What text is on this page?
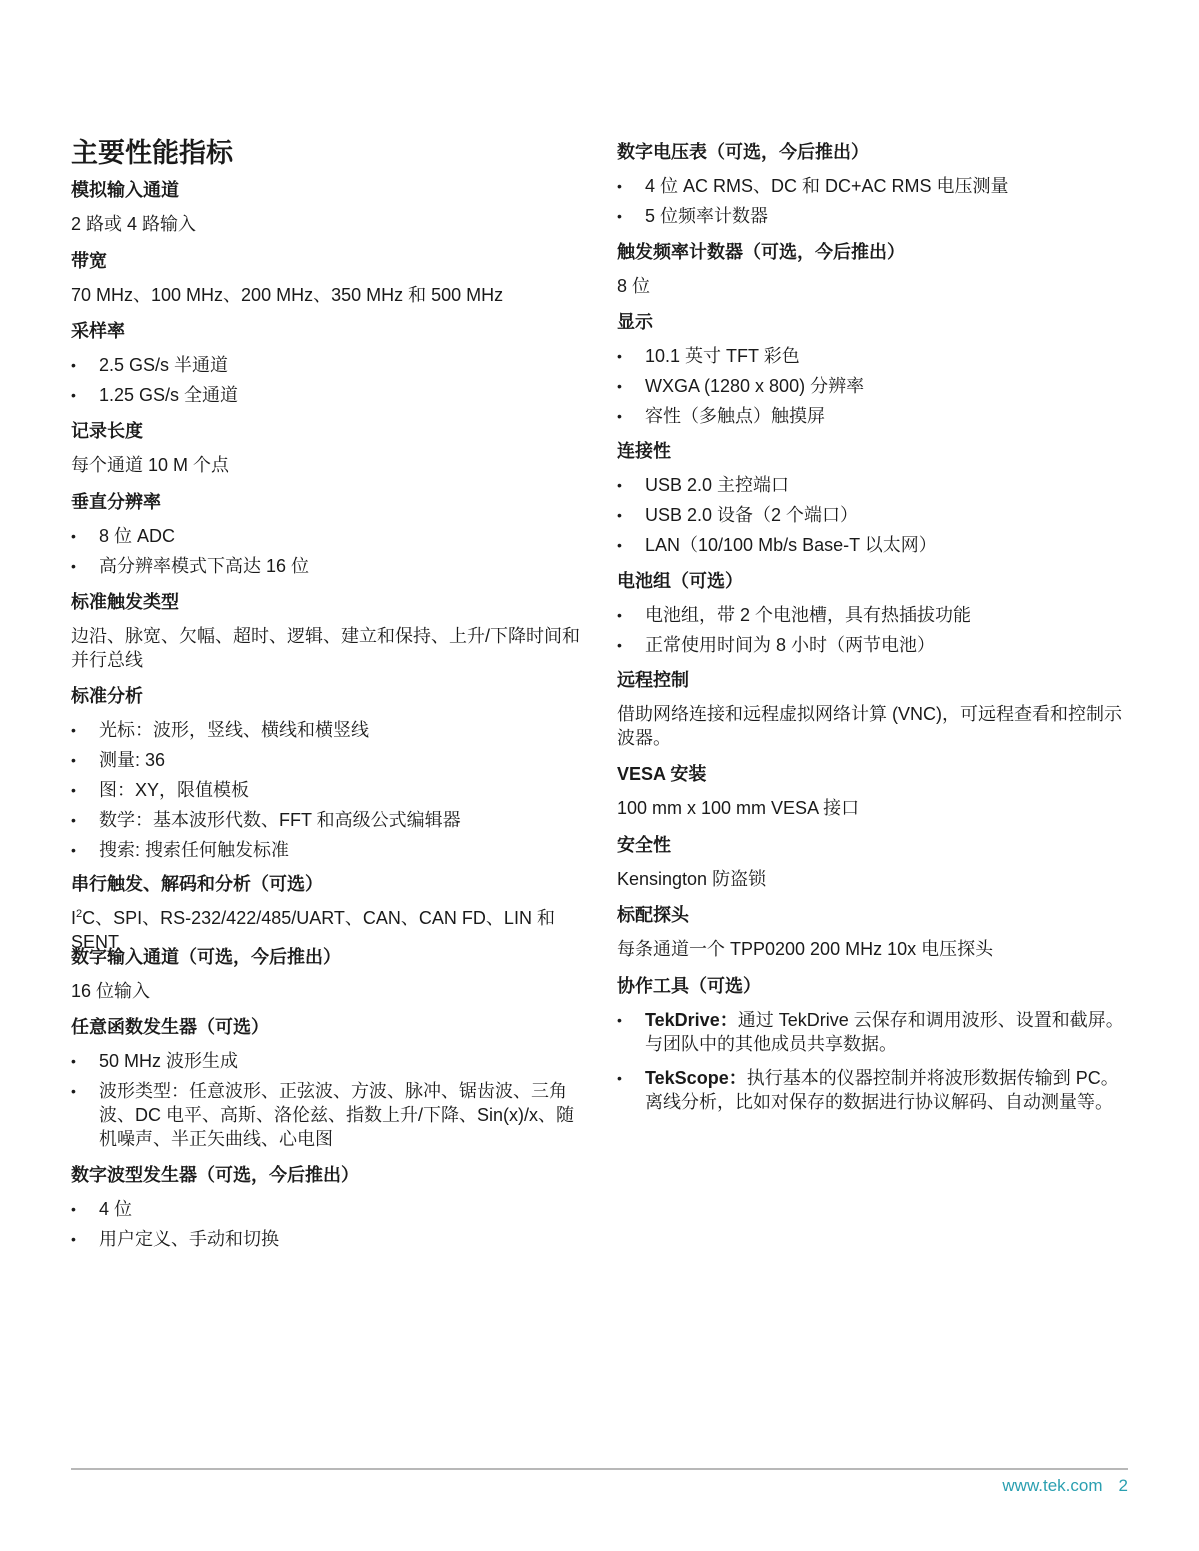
主要性能指标
模拟输入通道
2 路或 4 路输入
带宽
70 MHz、100 MHz、200 MHz、350 MHz 和 500 MHz
采样率
• 2.5 GS/s 半通道
• 1.25 GS/s 全通道
记录长度
每个通道 10 M 个点
垂直分辨率
• 8 位 ADC
• 高分辨率模式下高达 16 位
标准触发类型
边沿、脉宽、欠幅、超时、逻辑、建立和保持、上升/下降时间和并行总线
标准分析
• 光标：波形，竖线、横线和横竖线
• 测量: 36
• 图：XY，限值模板
• 数学：基本波形代数、FFT 和高级公式编辑器
• 搜索: 搜索任何触发标准
串行触发、解码和分析（可选）
$I^2C$、SPI、RS-232/422/485/UART、CAN、CAN FD、LIN 和 SENT
数字输入通道（可选，今后推出）
16 位输入
任意函数发生器（可选）
• 50 MHz 波形生成
• 波形类型：任意波形、正弦波、方波、脉冲、锯齿波、三角波、DC 电平、高斯、洛伦兹、指数上升/下降、Sin(x)/x、随机噪声、半正矢曲线、心电图
数字波型发生器（可选，今后推出）
• 4 位
• 用户定义、手动和切换
数字电压表（可选，今后推出）
• 4 位 AC RMS、DC 和 DC+AC RMS 电压测量
• 5 位频率计数器
触发频率计数器（可选，今后推出）
8 位
显示
• 10.1 英寸 TFT 彩色
• WXGA (1280 x 800) 分辨率
• 容性（多触点）触摸屏
连接性
• USB 2.0 主控端口
• USB 2.0 设备（2 个端口）
• LAN（10/100 Mb/s Base-T 以太网）
电池组（可选）
• 电池组，带 2 个电池槽，具有热插拔功能
• 正常使用时间为 8 小时（两节电池）
远程控制
借助网络连接和远程虚拟网络计算 (VNC)，可远程查看和控制示波器。
VESA 安装
100 mm x 100 mm VESA 接口
安全性
Kensington 防盗锁
标配探头
每条通道一个 TPP0200 200 MHz 10x 电压探头
协作工具（可选）
• TekDrive：通过 TekDrive 云保存和调用波形、设置和截屏。与团队中的其他成员共享数据。
• TekScope：执行基本的仪器控制并将波形数据传输到 PC。离线分析，比如对保存的数据进行协议解码、自动测量等。
www.tek.com 2
